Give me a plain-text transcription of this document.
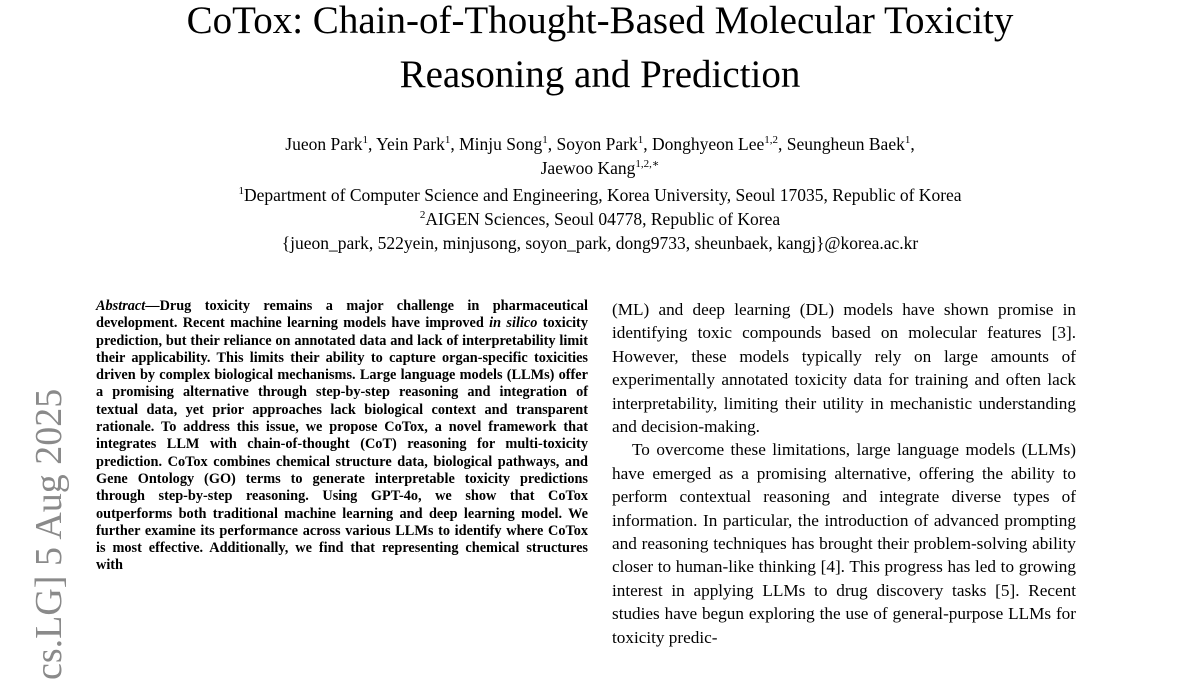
CoTox: Chain-of-Thought-Based Molecular Toxicity
Reasoning and Prediction
Jueon Park$^1$, Yein Park$^1$, Minju Song$^1$, Soyon Park$^1$, Donghyeon Lee$^{1,2}$, Seungheun Baek$^1$,
Jaewoo Kang$^{1,2,∗}$
$^1$Department of Computer Science and Engineering, Korea University, Seoul 17035, Republic of Korea
$^2$AIGEN Sciences, Seoul 04778, Republic of Korea
{jueon_park, 522yein, minjusong, soyon_park, dong9733, sheunbaek, kangj}@korea.ac.kr
cs.LG] 5 Aug 2025
Abstract—Drug toxicity remains a major challenge in pharmaceutical development. Recent machine learning models have improved in silico toxicity prediction, but their reliance on annotated data and lack of interpretability limit their applicability. This limits their ability to capture organ-specific toxicities driven by complex biological mechanisms. Large language models (LLMs) offer a promising alternative through step-by-step reasoning and integration of textual data, yet prior approaches lack biological context and transparent rationale. To address this issue, we propose CoTox, a novel framework that integrates LLM with chain-of-thought (CoT) reasoning for multi-toxicity prediction. CoTox combines chemical structure data, biological pathways, and Gene Ontology (GO) terms to generate interpretable toxicity predictions through step-by-step reasoning. Using GPT-4o, we show that CoTox outperforms both traditional machine learning and deep learning model. We further examine its performance across various LLMs to identify where CoTox is most effective. Additionally, we find that representing chemical structures with

(ML) and deep learning (DL) models have shown promise in identifying toxic compounds based on molecular features [3]. However, these models typically rely on large amounts of experimentally annotated toxicity data for training and often lack interpretability, limiting their utility in mechanistic understanding and decision-making.

To overcome these limitations, large language models (LLMs) have emerged as a promising alternative, offering the ability to perform contextual reasoning and integrate diverse types of information. In particular, the introduction of advanced prompting and reasoning techniques has brought their problem-solving ability closer to human-like thinking [4]. This progress has led to growing interest in applying LLMs to drug discovery tasks [5]. Recent studies have begun exploring the use of general-purpose LLMs for toxicity predic-
